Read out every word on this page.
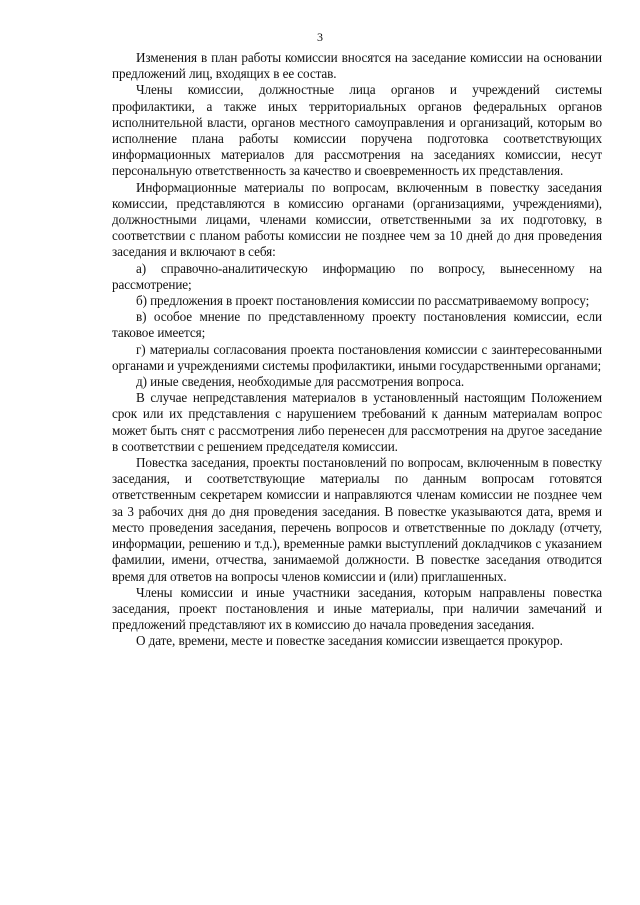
3

Изменения в план работы комиссии вносятся на заседание комиссии на основании предложений лиц, входящих в ее состав.

Члены комиссии, должностные лица органов и учреждений системы профилактики, а также иных территориальных органов федеральных органов исполнительной власти, органов местного самоуправления и организаций, которым во исполнение плана работы комиссии поручена подготовка соответствующих информационных материалов для рассмотрения на заседаниях комиссии, несут персональную ответственность за качество и своевременность их представления.

Информационные материалы по вопросам, включенным в повестку заседания комиссии, представляются в комиссию органами (организациями, учреждениями), должностными лицами, членами комиссии, ответственными за их подготовку, в соответствии с планом работы комиссии не позднее чем за 10 дней до дня проведения заседания и включают в себя:

а) справочно-аналитическую информацию по вопросу, вынесенному на рассмотрение;

б) предложения в проект постановления комиссии по рассматриваемому вопросу;

в) особое мнение по представленному проекту постановления комиссии, если таковое имеется;

г) материалы согласования проекта постановления комиссии с заинтересованными органами и учреждениями системы профилактики, иными государственными органами;

д) иные сведения, необходимые для рассмотрения вопроса.

В случае непредставления материалов в установленный настоящим Положением срок или их представления с нарушением требований к данным материалам вопрос может быть снят с рассмотрения либо перенесен для рассмотрения на другое заседание в соответствии с решением председателя комиссии.

Повестка заседания, проекты постановлений по вопросам, включенным в повестку заседания, и соответствующие материалы по данным вопросам готовятся ответственным секретарем комиссии и направляются членам комиссии не позднее чем за 3 рабочих дня до дня проведения заседания. В повестке указываются дата, время и место проведения заседания, перечень вопросов и ответственные по докладу (отчету, информации, решению и т.д.), временные рамки выступлений докладчиков с указанием фамилии, имени, отчества, занимаемой должности. В повестке заседания отводится время для ответов на вопросы членов комиссии и (или) приглашенных.

Члены комиссии и иные участники заседания, которым направлены повестка заседания, проект постановления и иные материалы, при наличии замечаний и предложений представляют их в комиссию до начала проведения заседания.

О дате, времени, месте и повестке заседания комиссии извещается прокурор.
